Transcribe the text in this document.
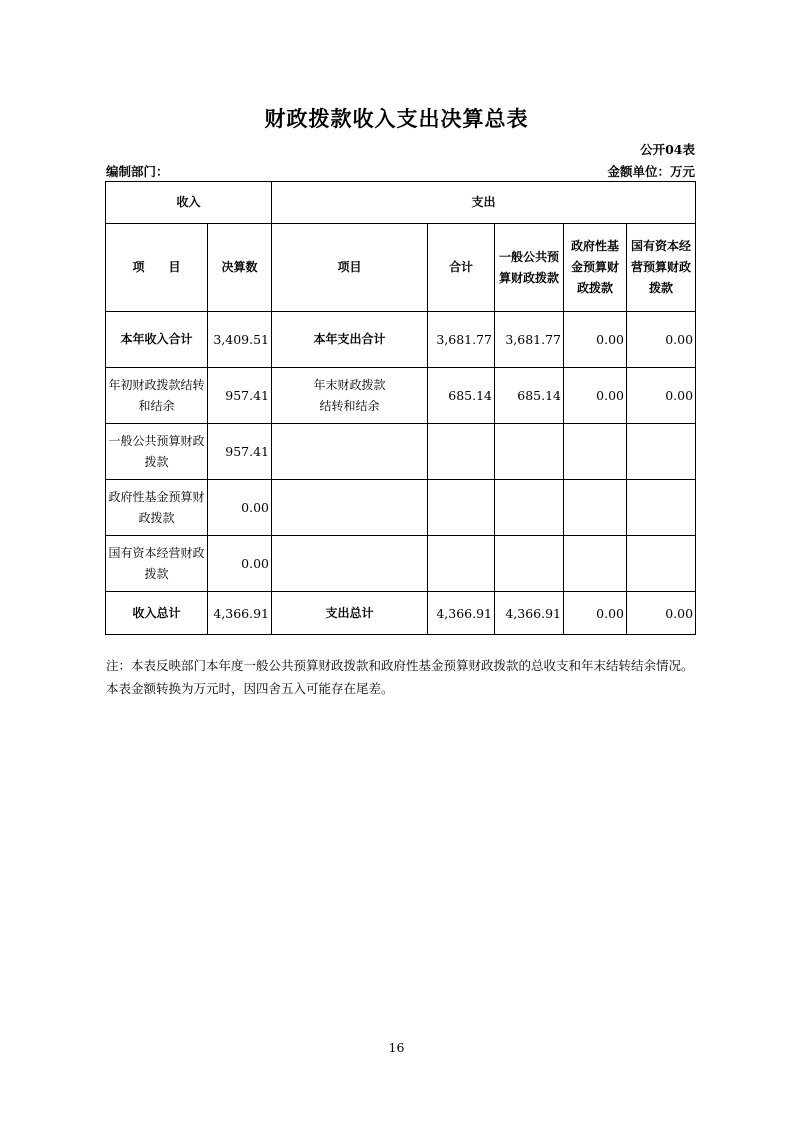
财政拨款收入支出决算总表
公开04表
编制部门：	金额单位：万元
收入		支出				
项　　目	决算数	项目	合计	一般公共预算财政拨款	政府性基金预算财政拨款	国有资本经营预算财政拨款
本年收入合计	3,409.51	本年支出合计	3,681.77	3,681.77	0.00	0.00
年初财政拨款结转和结余	957.41	年末财政拨款结转和结余	685.14	685.14	0.00	0.00
一般公共预算财政拨款	957.41					
政府性基金预算财政拨款	0.00					
国有资本经营财政拨款	0.00					
收入总计	4,366.91	支出总计	4,366.91	4,366.91	0.00	0.00
注：本表反映部门本年度一般公共预算财政拨款和政府性基金预算财政拨款的总收支和年末结转结余情况。本表金额转换为万元时，因四舍五入可能存在尾差。
16
